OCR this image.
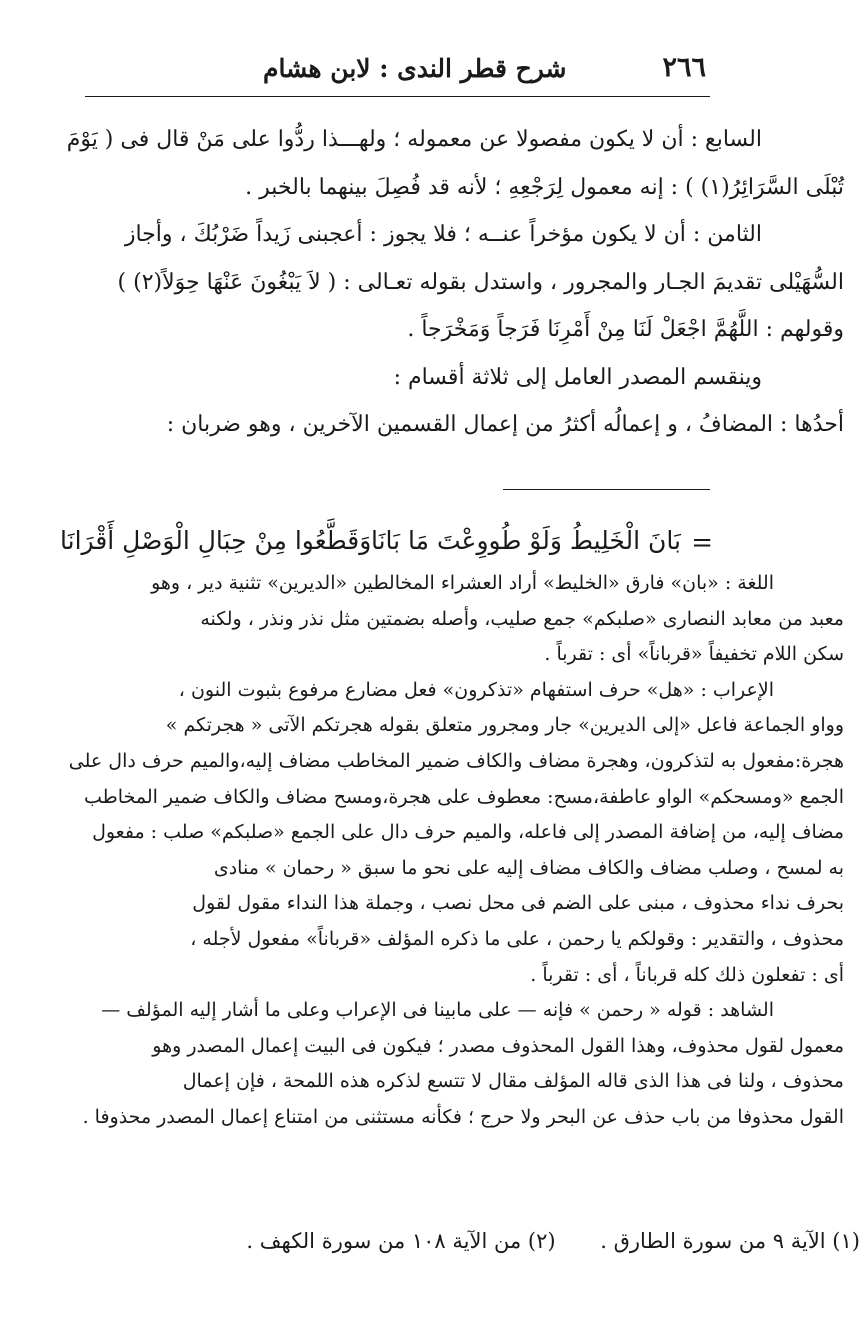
٢٦٦
شرح قطر الندى : لابن هشام

السابع : أن لا يكون مفصولا عن معموله ؛ ولهـــذا ردُّوا على مَنْ قال فى ( يَوْمَ

تُبْلَى السَّرَائِرُ(١) ) : إنه معمول لِرَجْعِهِ ؛ لأنه قد فُصِلَ بينهما بالخبر .

الثامن : أن لا يكون مؤخراً عنــه ؛ فلا يجوز : أعجبنى زَيداً ضَرْبُكَ ، وأجاز

السُّهَيْلى تقديمَ الجـار والمجرور ، واستدل بقوله تعـالى : ( لاَ يَبْغُونَ عَنْهَا حِوَلاً(٢) )

وقولهم : اللَّهُمَّ اجْعَلْ لَنَا مِنْ أَمْرِنَا فَرَجاً وَمَخْرَجاً .

وينقسم المصدر العامل إلى ثلاثة أقسام :

أحدُها : المضافُ ، و إعمالُه أكثرُ من إعمال القسمين الآخرين ، وهو ضربان :

=
بَانَ الْخَلِيطُ وَلَوْ طُووِعْتَ مَا بَانَا
وَقَطَّعُوا مِنْ حِبَالِ الْوَصْلِ أَقْرَانَا

اللغة : «بان» فارق «الخليط» أراد العشراء المخالطين «الديرين» تثنية دير ، وهو

معبد من معابد النصارى «صلبكم» جمع صليب، وأصله بضمتين مثل نذر ونذر ، ولكنه

سكن اللام تخفيفاً «قرباناً» أى : تقرباً .

الإعراب : «هل» حرف استفهام «تذكرون» فعل مضارع مرفوع بثبوت النون ،

وواو الجماعة فاعل «إلى الديرين» جار ومجرور متعلق بقوله هجرتكم الآتى « هجرتكم »

هجرة:مفعول به لتذكرون، وهجرة مضاف والكاف ضمير المخاطب مضاف إليه،والميم حرف دال على

الجمع «ومسحكم» الواو عاطفة،مسح: معطوف على هجرة،ومسح مضاف والكاف ضمير المخاطب

مضاف إليه، من إضافة المصدر إلى فاعله، والميم حرف دال على الجمع «صلبكم» صلب : مفعول

به لمسح ، وصلب مضاف والكاف مضاف إليه على نحو ما سبق « رحمان » منادى

بحرف نداء محذوف ، مبنى على الضم فى محل نصب ، وجملة هذا النداء مقول لقول

محذوف ، والتقدير : وقولكم يا رحمن ، على ما ذكره المؤلف «قرباناً» مفعول لأجله ،

أى : تفعلون ذلك كله قرباناً ، أى : تقرباً .

الشاهد : قوله « رحمن » فإنه — على مابينا فى الإعراب وعلى ما أشار إليه المؤلف —

معمول لقول محذوف، وهذا القول المحذوف مصدر ؛ فيكون فى البيت إعمال المصدر وهو

محذوف ، ولنا فى هذا الذى قاله المؤلف مقال لا تتسع لذكره هذه اللمحة ، فإن إعمال

القول محذوفا من باب حذف عن البحر ولا حرج ؛ فكأنه مستثنى من امتناع إعمال المصدر محذوفا .

(١) الآية ٩ من سورة الطارق . (٢) من الآية ١٠٨ من سورة الكهف .
